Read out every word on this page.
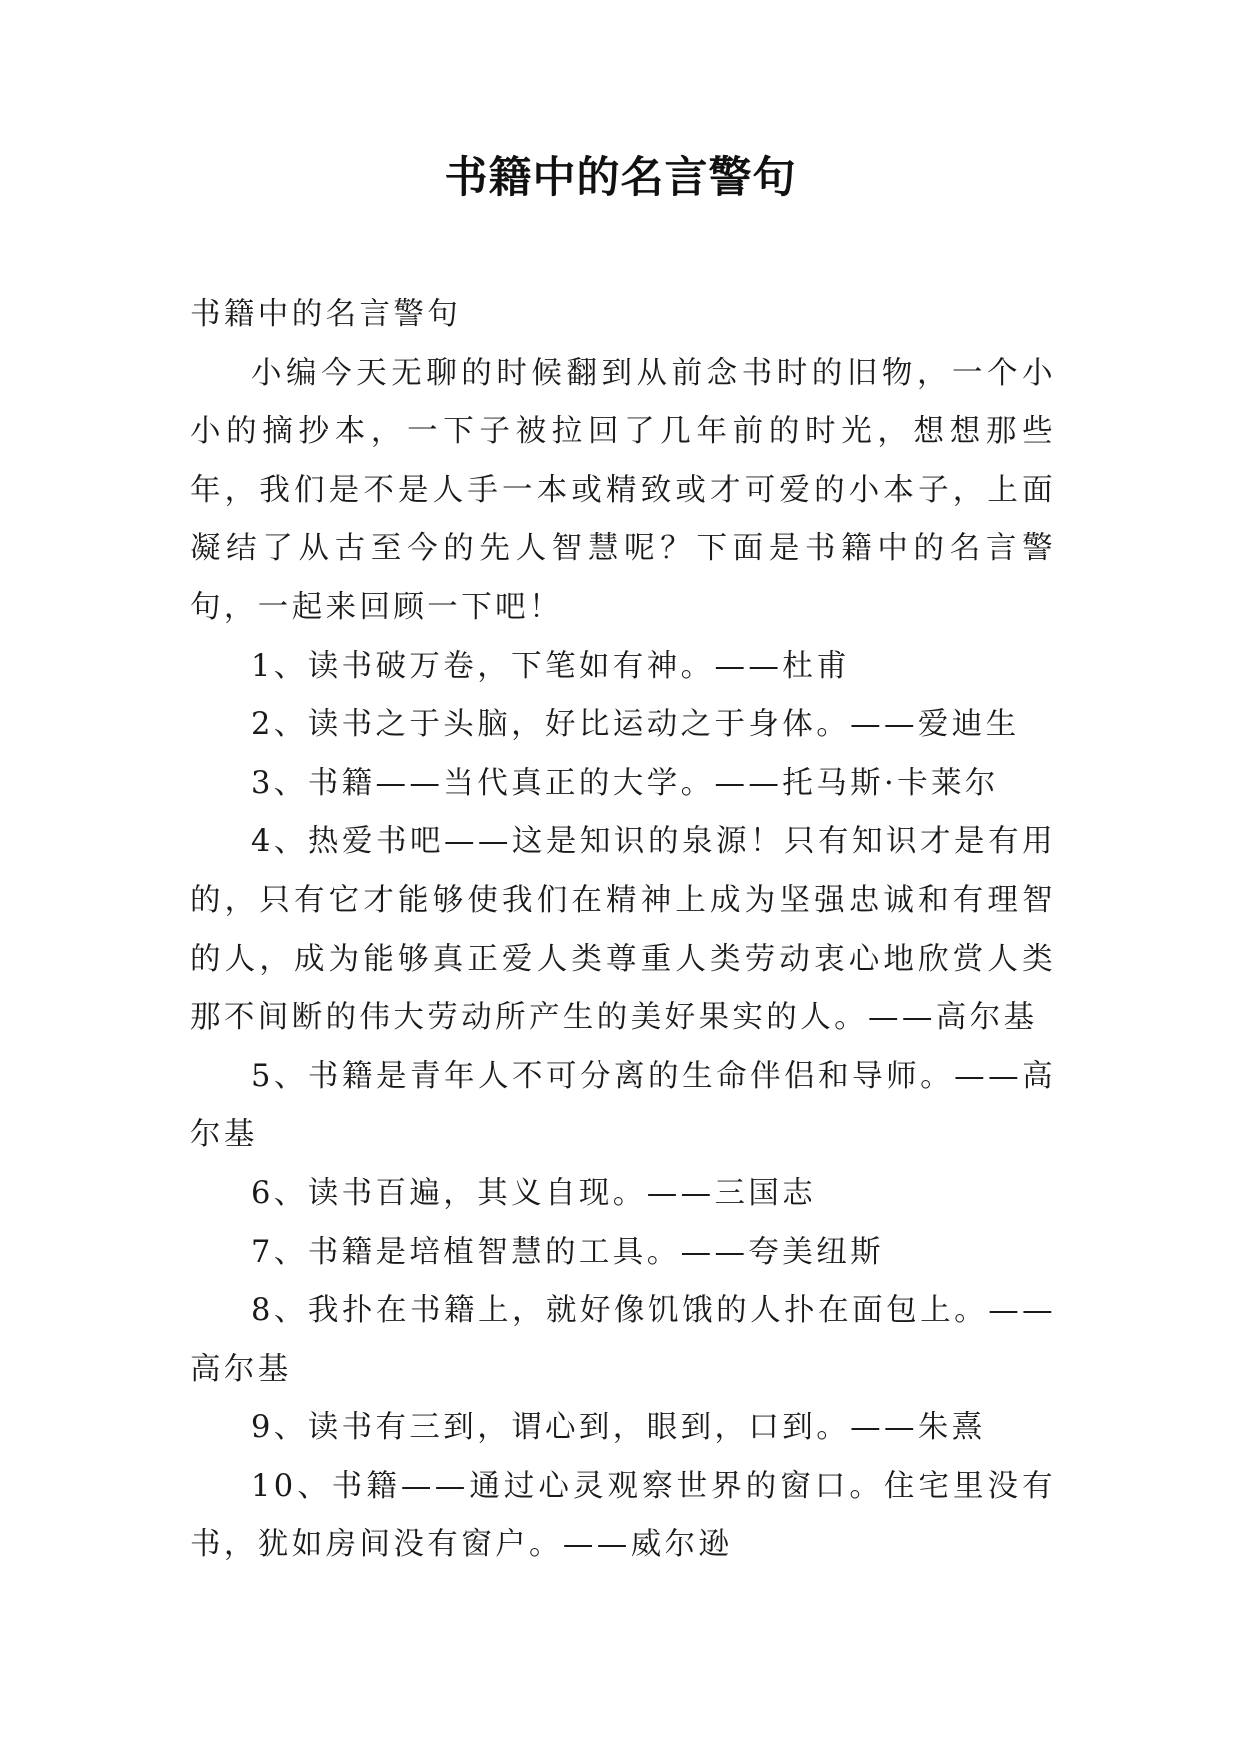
书籍中的名言警句

书籍中的名言警句

小编今天无聊的时候翻到从前念书时的旧物，一个小小的摘抄本，一下子被拉回了几年前的时光，想想那些年，我们是不是人手一本或精致或才可爱的小本子，上面凝结了从古至今的先人智慧呢？下面是书籍中的名言警句，一起来回顾一下吧！

1、读书破万卷，下笔如有神。——杜甫

2、读书之于头脑，好比运动之于身体。——爱迪生

3、书籍——当代真正的大学。——托马斯·卡莱尔

4、热爱书吧——这是知识的泉源！只有知识才是有用的，只有它才能够使我们在精神上成为坚强忠诚和有理智的人，成为能够真正爱人类尊重人类劳动衷心地欣赏人类那不间断的伟大劳动所产生的美好果实的人。——高尔基

5、书籍是青年人不可分离的生命伴侣和导师。——高尔基

6、读书百遍，其义自现。——三国志

7、书籍是培植智慧的工具。——夸美纽斯

8、我扑在书籍上，就好像饥饿的人扑在面包上。——高尔基

9、读书有三到，谓心到，眼到，口到。——朱熹

10、书籍——通过心灵观察世界的窗口。住宅里没有书，犹如房间没有窗户。——威尔逊
